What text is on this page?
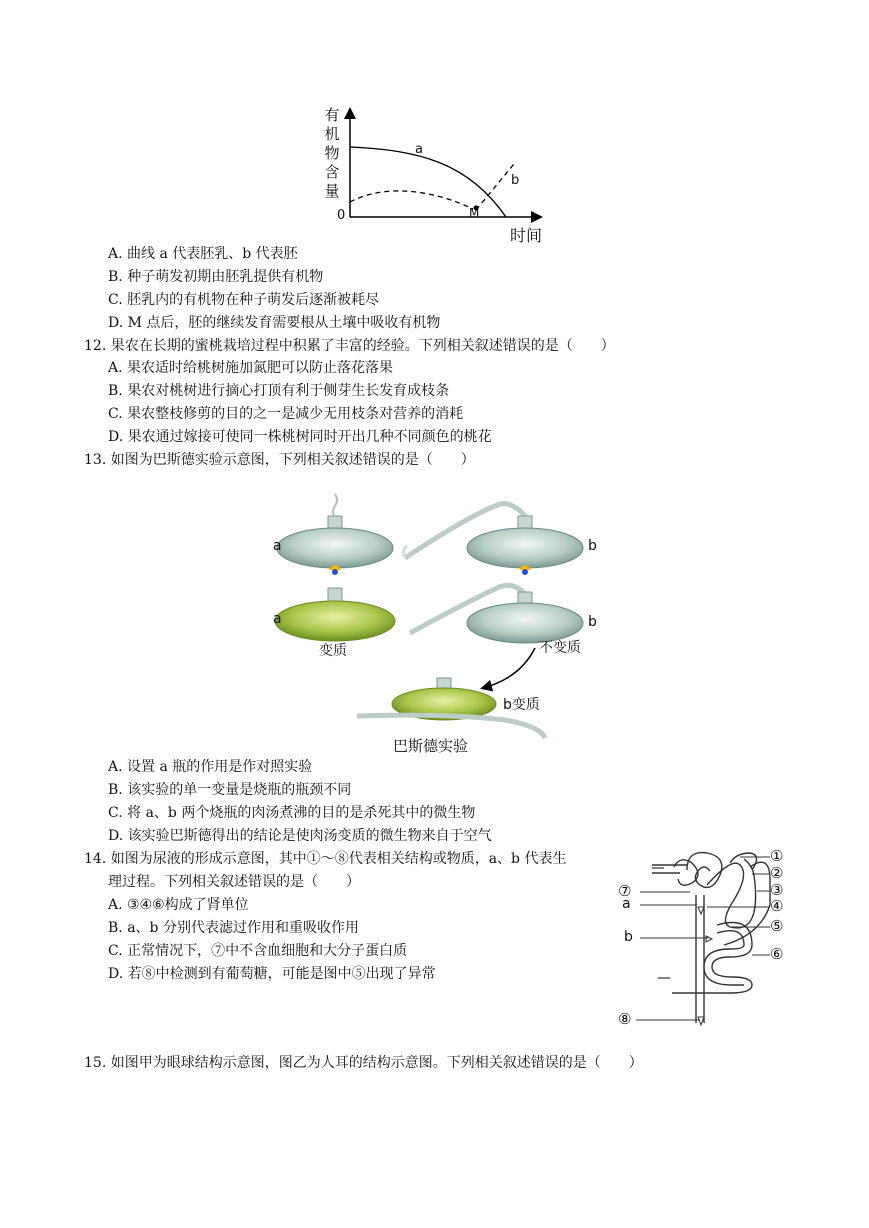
有
机
物
含
量
0
a
b
M
时间
A. 曲线 a 代表胚乳、b 代表胚
B. 种子萌发初期由胚乳提供有机物
C. 胚乳内的有机物在种子萌发后逐渐被耗尽
D. M 点后，胚的继续发育需要根从土壤中吸收有机物
12. 果农在长期的蜜桃栽培过程中积累了丰富的经验。下列相关叙述错误的是（　　）
A. 果农适时给桃树施加氮肥可以防止落花落果
B. 果农对桃树进行摘心打顶有利于侧芽生长发育成枝条
C. 果农整枝修剪的目的之一是减少无用枝条对营养的消耗
D. 果农通过嫁接可使同一株桃树同时开出几种不同颜色的桃花
13. 如图为巴斯德实验示意图，下列相关叙述错误的是（　　）
a	b
a	b
变质	不变质
b变质
巴斯德实验
A. 设置 a 瓶的作用是作对照实验
B. 该实验的单一变量是烧瓶的瓶颈不同
C. 将 a、b 两个烧瓶的肉汤煮沸的目的是杀死其中的微生物
D. 该实验巴斯德得出的结论是使肉汤变质的微生物来自于空气
14. 如图为尿液的形成示意图，其中①～⑧代表相关结构或物质，a、b 代表生
理过程。下列相关叙述错误的是（　　）
A. ③④⑥构成了肾单位
B. a、b 分别代表滤过作用和重吸收作用
C. 正常情况下，⑦中不含血细胞和大分子蛋白质
D. 若⑧中检测到有葡萄糖，可能是图中⑤出现了异常
①
②
③
④
⑤
⑥
⑦
a
b
⑧
15. 如图甲为眼球结构示意图，图乙为人耳的结构示意图。下列相关叙述错误的是（　　）
